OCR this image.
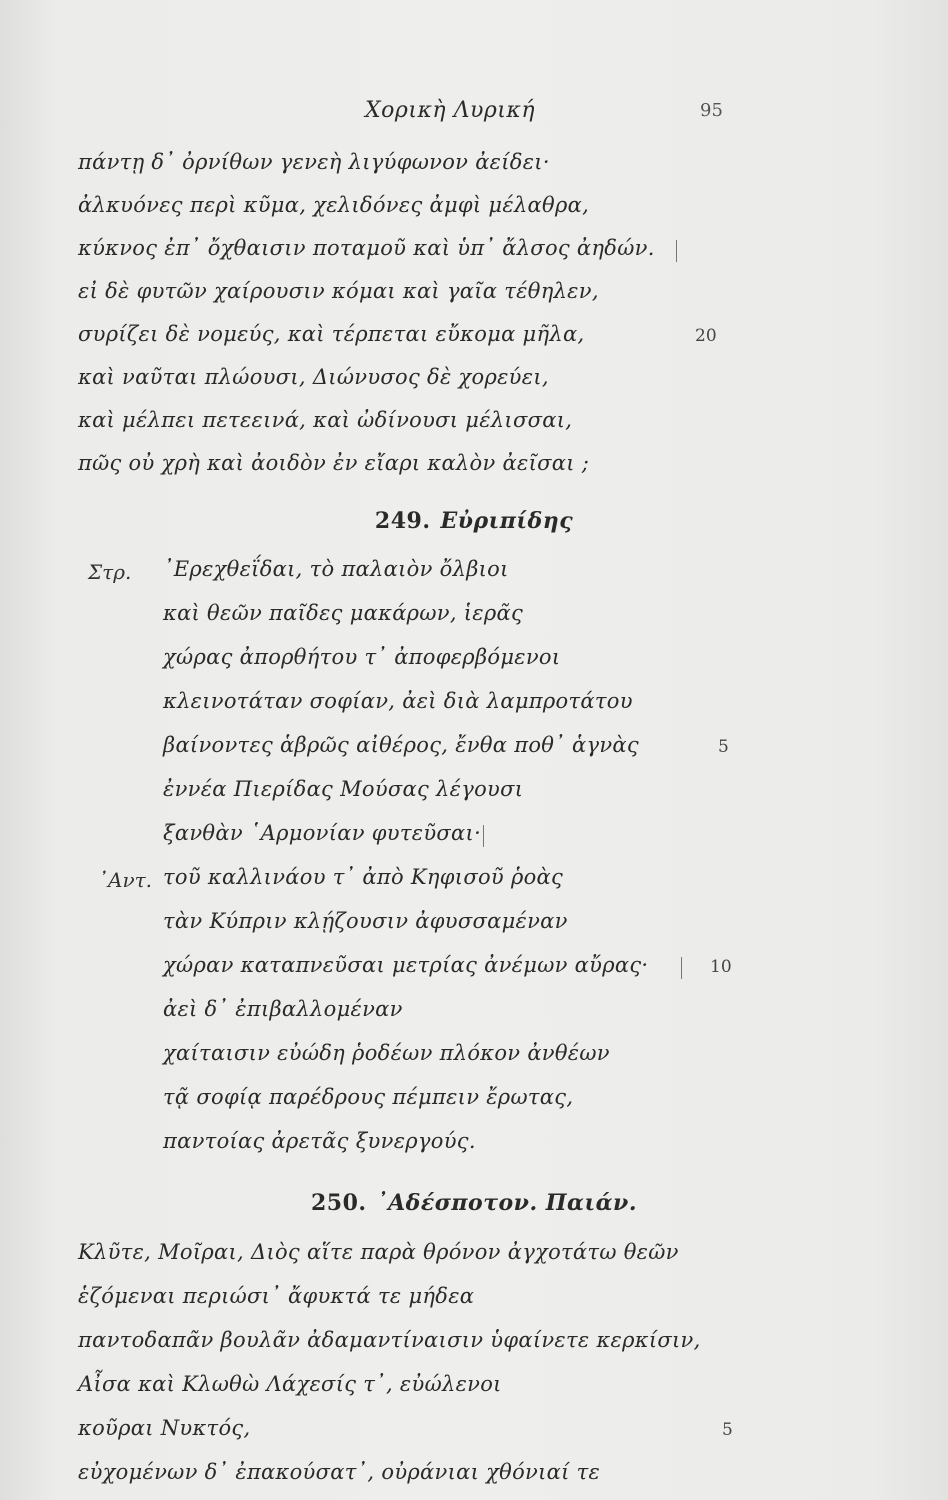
Χορικὴ Λυρική	95
πάντῃ δ᾽ ὀρνίθων γενεὴ λιγύφωνον ἀείδει·
ἀλκυόνες περὶ κῦμα, χελιδόνες ἀμφὶ μέλαθρα,
κύκνος ἐπ᾽ ὄχθαισιν ποταμοῦ καὶ ὑπ᾽ ἄλσος ἀηδών.
εἰ δὲ φυτῶν χαίρουσιν κόμαι καὶ γαῖα τέθηλεν,
συρίζει δὲ νομεύς, καὶ τέρπεται εὔκομα μῆλα,	20
καὶ ναῦται πλώουσι, Διώνυσος δὲ χορεύει,
καὶ μέλπει πετεεινά, καὶ ὠδίνουσι μέλισσαι,
πῶς οὐ χρὴ καὶ ἀοιδὸν ἐν εἴαρι καλὸν ἀεῖσαι ;
249. Εὐριπίδης
Στρ. ᾽Ερεχθεΐδαι, τὸ παλαιὸν ὄλβιοι
καὶ θεῶν παῖδες μακάρων, ἱερᾶς
χώρας ἀπορθήτου τ᾽ ἀποφερβόμενοι
κλεινοτάταν σοφίαν, ἀεὶ διὰ λαμπροτάτου
βαίνοντες ἁβρῶς αἰθέρος, ἔνθα ποθ᾽ ἁγνὰς	5
ἐννέα Πιερίδας Μούσας λέγουσι
ξανθὰν ῾Αρμονίαν φυτεῦσαι·
᾽Αντ. τοῦ καλλινάου τ᾽ ἀπὸ Κηφισοῦ ῥοὰς
τὰν Κύπριν κλῄζουσιν ἀφυσσαμέναν
χώραν καταπνεῦσαι μετρίας ἀνέμων αὔρας·	10
ἀεὶ δ᾽ ἐπιβαλλομέναν
χαίταισιν εὐώδη ῥοδέων πλόκον ἀνθέων
τᾷ σοφίᾳ παρέδρους πέμπειν ἔρωτας,
παντοίας ἀρετᾶς ξυνεργούς.
250. ᾽Αδέσποτον. Παιάν.
Κλῦτε, Μοῖραι, Διὸς αἵτε παρὰ θρόνον ἀγχοτάτω θεῶν
ἑζόμεναι περιώσι᾽ ἄφυκτά τε μήδεα
παντοδαπᾶν βουλᾶν ἀδαμαντίναισιν ὑφαίνετε κερκίσιν,
Αἶσα καὶ Κλωθὼ Λάχεσίς τ᾽, εὐώλενοι
κοῦραι Νυκτός,	5
εὐχομένων δ᾽ ἐπακούσατ᾽, οὐράνιαι χθόνιαί τε
